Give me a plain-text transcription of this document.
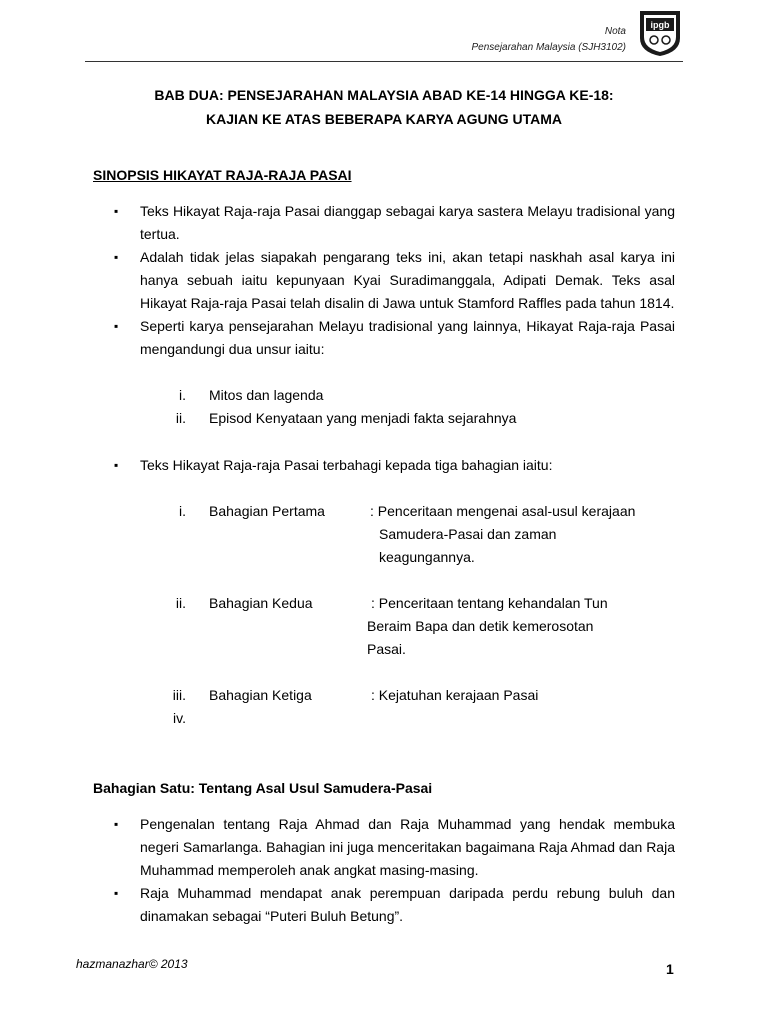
Nota
Pensejarahan Malaysia (SJH3102)
ipgb
BAB DUA: PENSEJARAHAN MALAYSIA ABAD KE-14 HINGGA KE-18:
KAJIAN KE ATAS BEBERAPA KARYA AGUNG UTAMA
SINOPSIS HIKAYAT RAJA-RAJA PASAI
▪ Teks Hikayat Raja-raja Pasai dianggap sebagai karya sastera Melayu tradisional yang tertua.
▪ Adalah tidak jelas siapakah pengarang teks ini, akan tetapi naskhah asal karya ini hanya sebuah iaitu kepunyaan Kyai Suradimanggala, Adipati Demak. Teks asal Hikayat Raja-raja Pasai telah disalin di Jawa untuk Stamford Raffles pada tahun 1814.
▪ Seperti karya pensejarahan Melayu tradisional yang lainnya, Hikayat Raja-raja Pasai mengandungi dua unsur iaitu:
i. Mitos dan lagenda
ii. Episod Kenyataan yang menjadi fakta sejarahnya
▪ Teks Hikayat Raja-raja Pasai terbahagi kepada tiga bahagian iaitu:
i. Bahagian Pertama	: Penceritaan mengenai asal-usul kerajaan
Samudera-Pasai dan zaman
keagungannya.
ii. Bahagian Kedua	: Penceritaan tentang kehandalan Tun
Beraim Bapa dan detik kemerosotan
Pasai.
iii. Bahagian Ketiga	: Kejatuhan kerajaan Pasai
iv.
Bahagian Satu: Tentang Asal Usul Samudera-Pasai
▪ Pengenalan tentang Raja Ahmad dan Raja Muhammad yang hendak membuka negeri Samarlanga. Bahagian ini juga menceritakan bagaimana Raja Ahmad dan Raja Muhammad memperoleh anak angkat masing-masing.
▪ Raja Muhammad mendapat anak perempuan daripada perdu rebung buluh dan dinamakan sebagai “Puteri Buluh Betung”.
hazmanazhar© 2013	1
